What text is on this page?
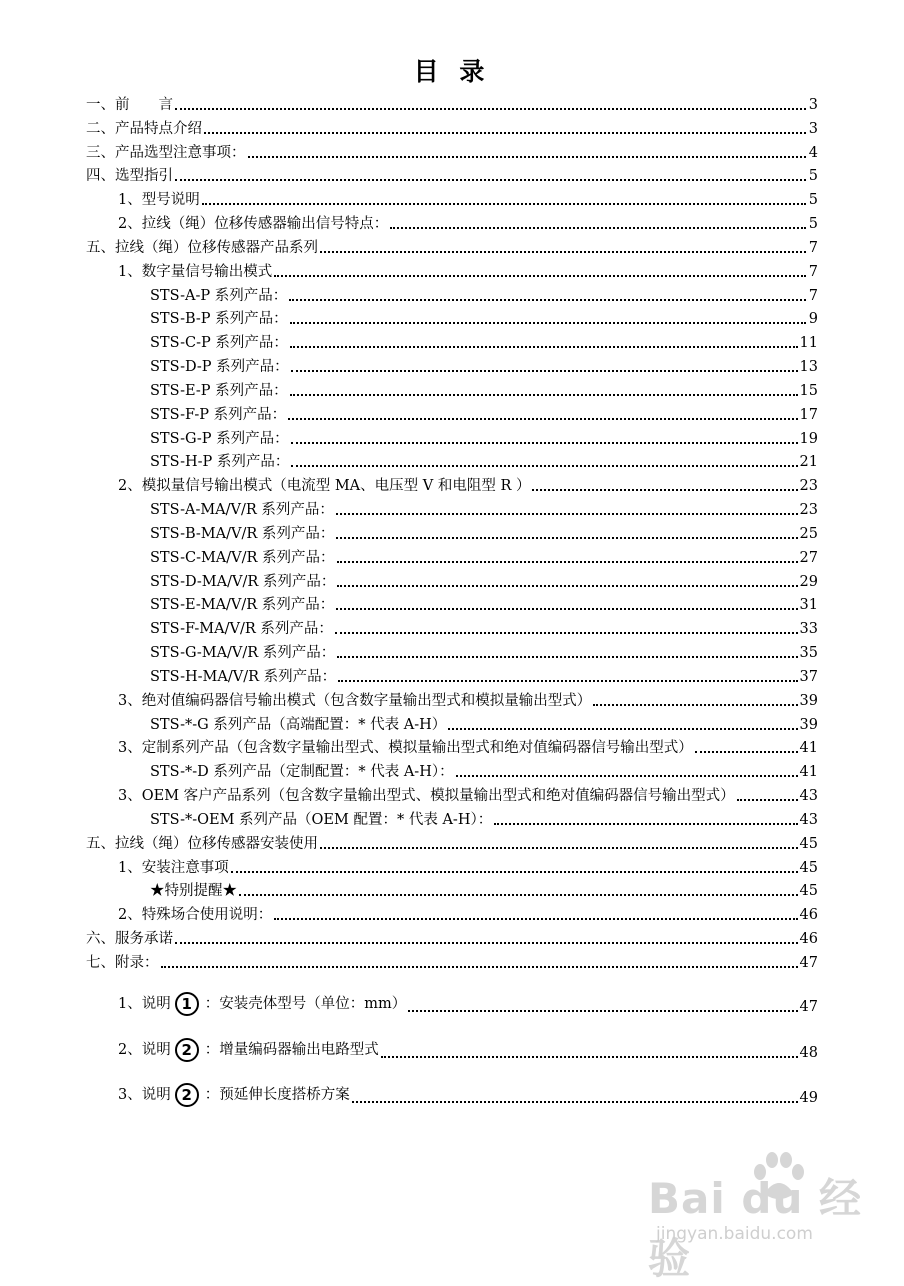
目 录
一、前　　言	3
二、产品特点介绍	3
三、产品选型注意事项：	4
四、选型指引	5
1、型号说明	5
2、拉线（绳）位移传感器输出信号特点：	5
五、拉线（绳）位移传感器产品系列	7
1、数字量信号输出模式	7
STS-A-P 系列产品：	7
STS-B-P 系列产品：	9
STS-C-P 系列产品：	11
STS-D-P 系列产品：	13
STS-E-P 系列产品：	15
STS-F-P 系列产品：	17
STS-G-P 系列产品：	19
STS-H-P 系列产品：	21
2、模拟量信号输出模式（电流型 MA、电压型 V 和电阻型 R ）	23
STS-A-MA/V/R 系列产品：	23
STS-B-MA/V/R 系列产品：	25
STS-C-MA/V/R 系列产品：	27
STS-D-MA/V/R 系列产品：	29
STS-E-MA/V/R 系列产品：	31
STS-F-MA/V/R 系列产品：	33
STS-G-MA/V/R 系列产品：	35
STS-H-MA/V/R 系列产品：	37
3、绝对值编码器信号输出模式（包含数字量输出型式和模拟量输出型式）	39
STS-*-G 系列产品（高端配置：* 代表 A-H）	39
3、定制系列产品（包含数字量输出型式、模拟量输出型式和绝对值编码器信号输出型式）	41
STS-*-D 系列产品（定制配置：* 代表 A-H）：	41
3、OEM 客户产品系列（包含数字量输出型式、模拟量输出型式和绝对值编码器信号输出型式）	43
STS-*-OEM 系列产品（OEM 配置：* 代表 A-H）：	43
五、拉线（绳）位移传感器安装使用	45
1、安装注意事项	45
★特别提醒★	45
2、特殊场合使用说明：	46
六、服务承诺	46
七、附录：	47
1、说明 1 ：安装壳体型号（单位：mm）	47
2、说明 2 ：增量编码器输出电路型式	48
3、说明 2 ：预延伸长度搭桥方案	49
Bai du 经验
jingyan.baidu.com
